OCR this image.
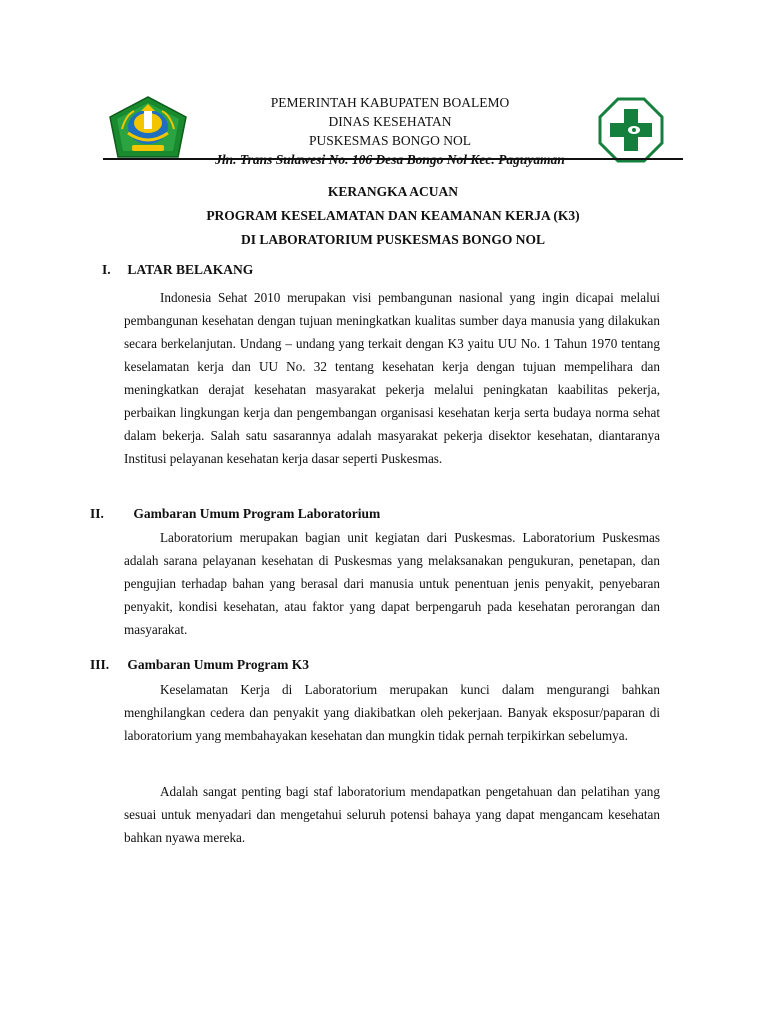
PEMERINTAH KABUPATEN BOALEMO
DINAS KESEHATAN
PUSKESMAS BONGO NOL
Jln. Trans Sulawesi No. 106 Desa Bongo Nol Kec. Paguyaman
KERANGKA ACUAN
PROGRAM KESELAMATAN DAN KEAMANAN KERJA (K3)
DI LABORATORIUM PUSKESMAS BONGO NOL
I. LATAR BELAKANG
Indonesia Sehat 2010 merupakan visi pembangunan nasional yang ingin dicapai melalui pembangunan kesehatan dengan tujuan meningkatkan kualitas sumber daya manusia yang dilakukan secara berkelanjutan. Undang – undang yang terkait dengan K3 yaitu UU No. 1 Tahun 1970 tentang keselamatan kerja dan UU No. 32 tentang kesehatan kerja dengan tujuan mempelihara dan meningkatkan derajat kesehatan masyarakat pekerja melalui peningkatan kaabilitas pekerja, perbaikan lingkungan kerja dan pengembangan organisasi kesehatan kerja serta budaya norma sehat dalam bekerja. Salah satu sasarannya adalah masyarakat pekerja disektor kesehatan, diantaranya Institusi pelayanan kesehatan kerja dasar seperti Puskesmas.
II. Gambaran Umum Program Laboratorium
Laboratorium merupakan bagian unit kegiatan dari Puskesmas. Laboratorium Puskesmas adalah sarana pelayanan kesehatan di Puskesmas yang melaksanakan pengukuran, penetapan, dan pengujian terhadap bahan yang berasal dari manusia untuk penentuan jenis penyakit, penyebaran penyakit, kondisi kesehatan, atau faktor yang dapat berpengaruh pada kesehatan perorangan dan masyarakat.
III. Gambaran Umum Program K3
Keselamatan Kerja di Laboratorium merupakan kunci dalam mengurangi bahkan menghilangkan cedera dan penyakit yang diakibatkan oleh pekerjaan. Banyak eksposur/paparan di laboratorium yang membahayakan kesehatan dan mungkin tidak pernah terpikirkan sebelumya.
Adalah sangat penting bagi staf laboratorium mendapatkan pengetahuan dan pelatihan yang sesuai untuk menyadari dan mengetahui seluruh potensi bahaya yang dapat mengancam kesehatan bahkan nyawa mereka.
